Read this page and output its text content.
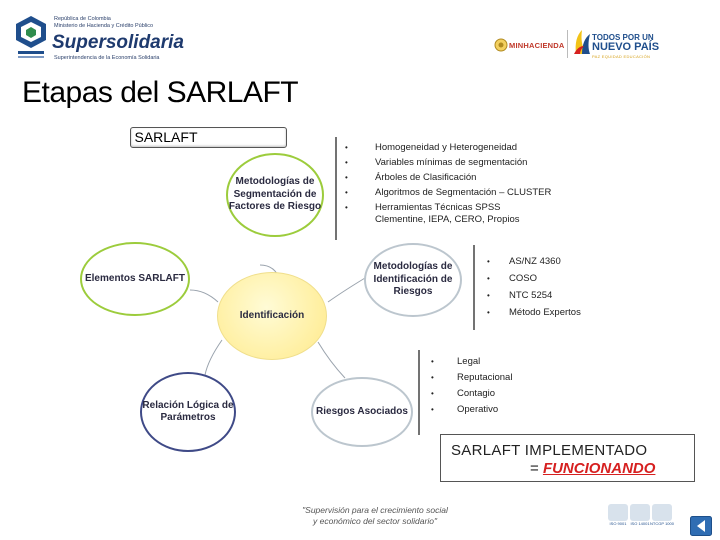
República de Colombia
Ministerio de Hacienda y Crédito Público
Supersolidaria
Superintendencia de la Economía Solidaria
MINHACIENDA
TODOS POR UN
NUEVO PAÍS
PAZ EQUIDAD EDUCACIÓN
Etapas del SARLAFT
SARLAFT
Metodologías de Segmentación de Factores de Riesgo
Metodologías de Identificación de Riesgos
Elementos SARLAFT
Identificación
Relación Lógica de Parámetros
Riesgos Asociados
•	Homogeneidad y Heterogeneidad
•	Variables mínimas de segmentación
•	Árboles de Clasificación
•	Algoritmos de Segmentación – CLUSTER
•	Herramientas Técnicas SPSS Clementine, IEPA, CERO, Propios
• AS/NZ 4360
• COSO
• NTC 5254
• Método Expertos
• Legal
• Reputacional
• Contagio
• Operativo
SARLAFT IMPLEMENTADO
= FUNCIONANDO
"Supervisión para el crecimiento social
y económico del sector solidario"	ISO 9001 ISO 14001 NTCGP 1000
